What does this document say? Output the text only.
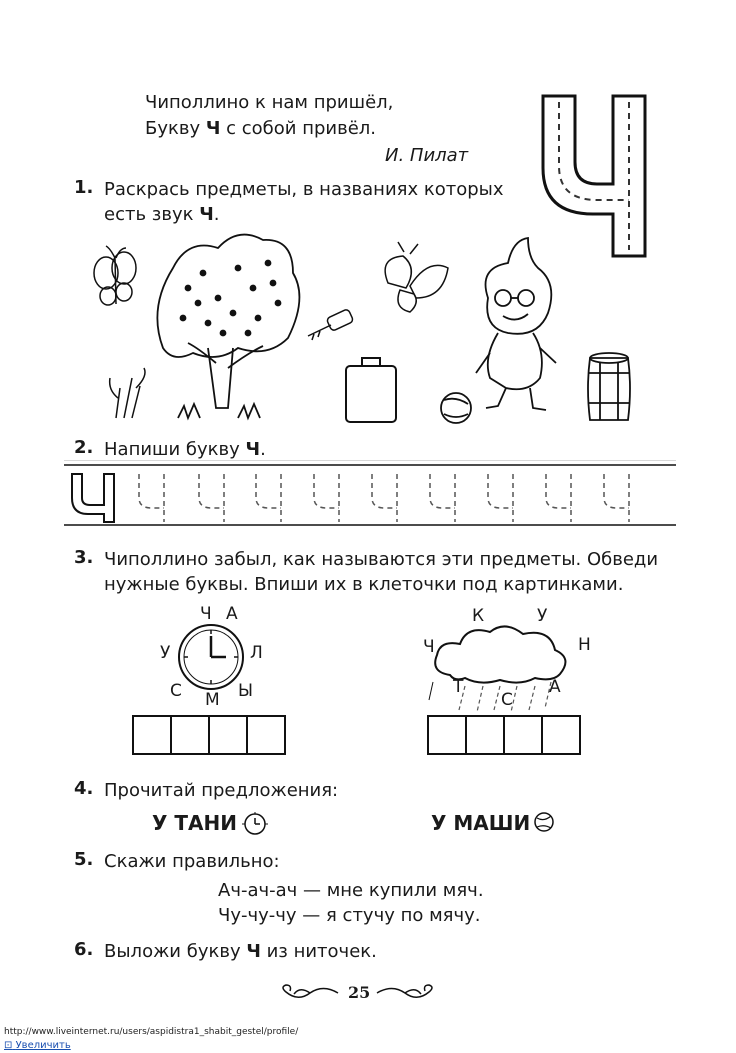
Чиполлино к нам пришёл,
Букву Ч с собой привёл.
И. Пилат
1. Раскрась предметы, в названиях которых
есть звук Ч.
2. Напиши букву Ч.
3. Чиполлино забыл, как называются эти предметы. Обведи
нужные буквы. Впиши их в клеточки под картинками.
Ч А
У	Л
С М Ы
К	У
Ч	Н
Т
С
А
4. Прочитай предложения:
У ТАНИ	У МАШИ
5. Скажи правильно:
Ач-ач-ач — мне купили мяч.
Чу-чу-чу — я стучу по мячу.
6. Выложи букву Ч из ниточек.
25
http://www.liveinternet.ru/users/aspidistra1_shabit_gestel/profile/
⊡ Увеличить
